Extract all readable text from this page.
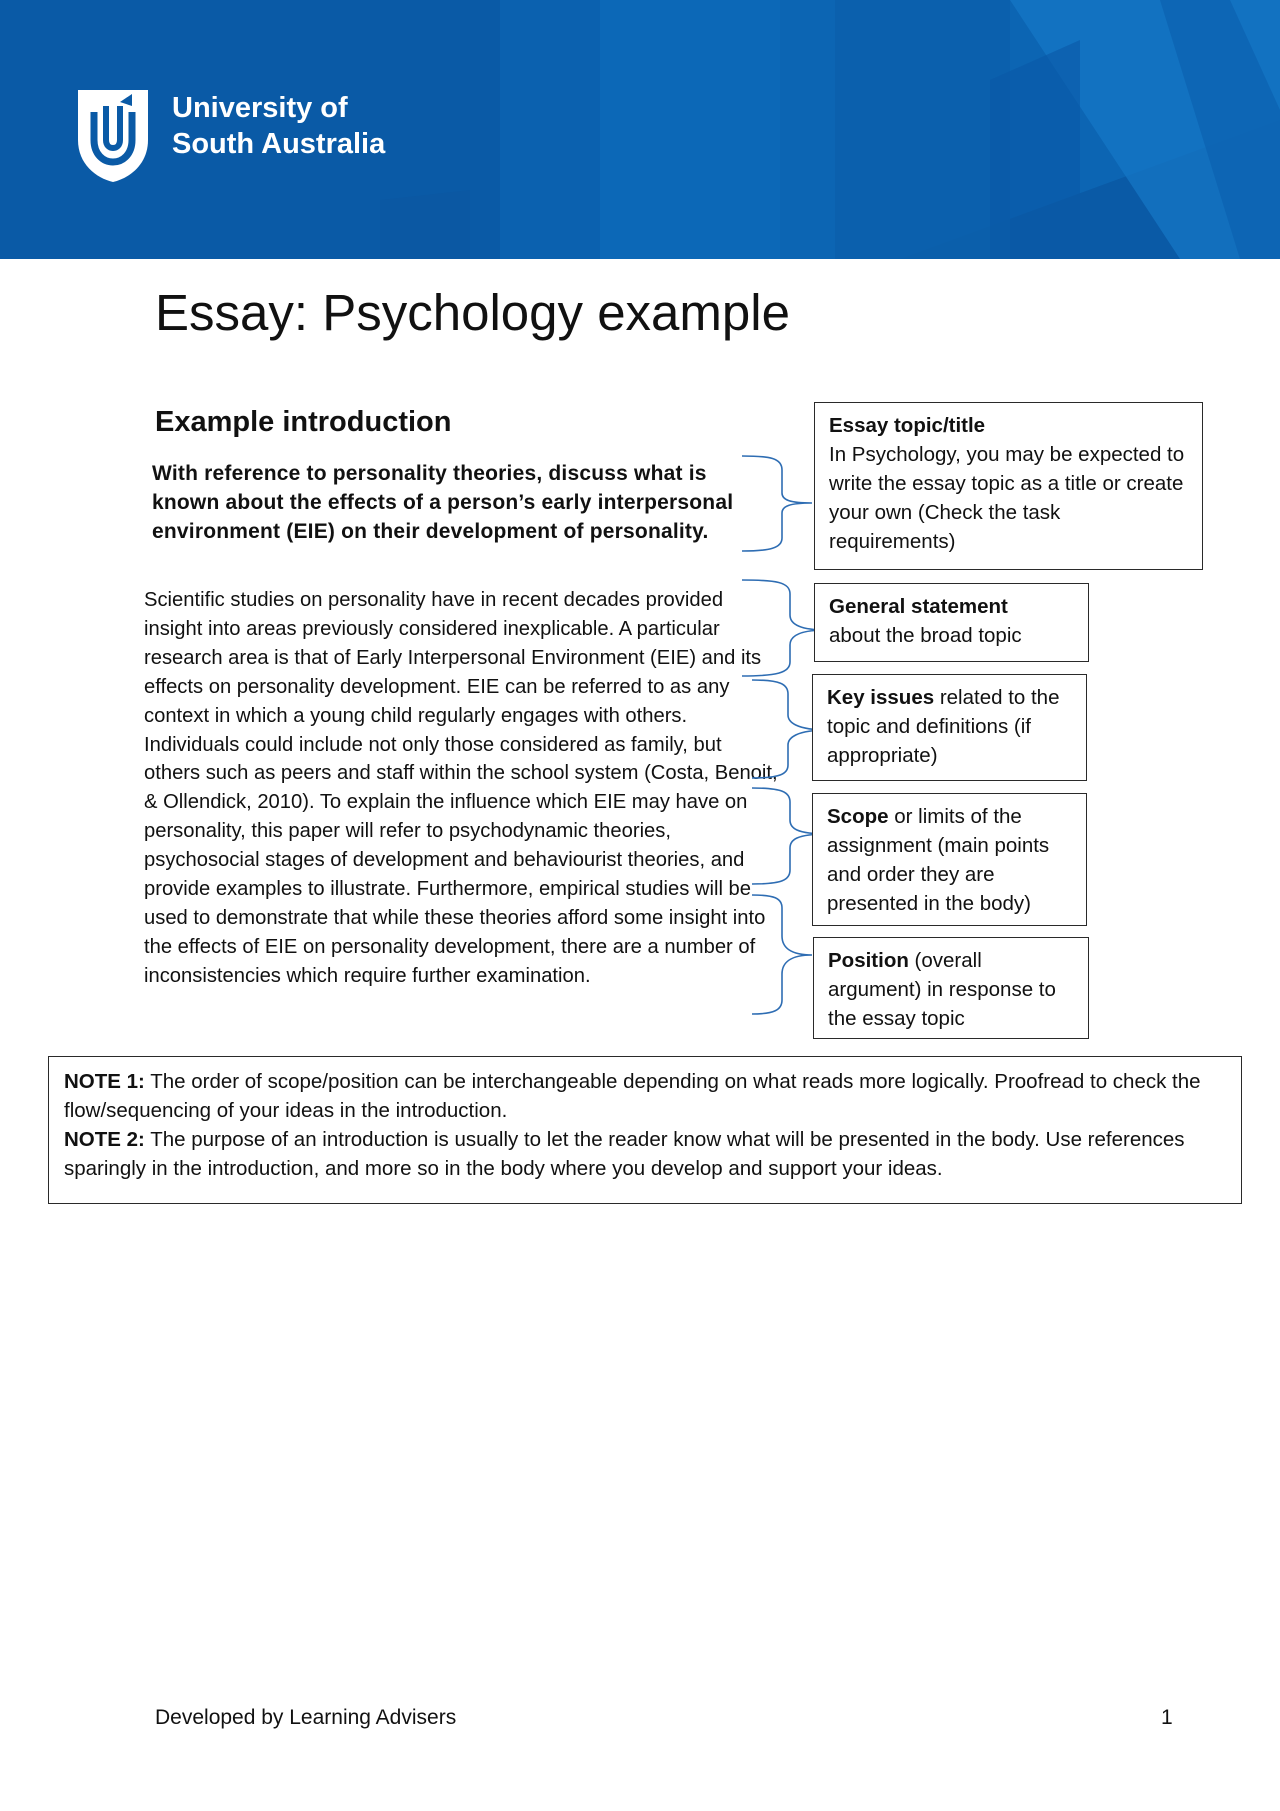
University of
South Australia
Essay: Psychology example
Example introduction
With reference to personality theories, discuss what is known about the effects of a person’s early interpersonal environment (EIE) on their development of personality.
Scientific studies on personality have in recent decades provided insight into areas previously considered inexplicable. A particular research area is that of Early Interpersonal Environment (EIE) and its effects on personality development. EIE can be referred to as any context in which a young child regularly engages with others. Individuals could include not only those considered as family, but others such as peers and staff within the school system (Costa, Benoit, & Ollendick, 2010). To explain the influence which EIE may have on personality, this paper will refer to psychodynamic theories, psychosocial stages of development and behaviourist theories, and provide examples to illustrate. Furthermore, empirical studies will be used to demonstrate that while these theories afford some insight into the effects of EIE on personality development, there are a number of inconsistencies which require further examination.
Essay topic/title
In Psychology, you may be expected to write the essay topic as a title or create your own (Check the task requirements)
General statement
about the broad topic
Key issues related to the topic and definitions (if appropriate)
Scope or limits of the assignment (main points and order they are presented in the body)
Position (overall argument) in response to the essay topic

NOTE 1: The order of scope/position can be interchangeable depending on what reads more logically. Proofread to check the flow/sequencing of your ideas in the introduction.

NOTE 2: The purpose of an introduction is usually to let the reader know what will be presented in the body. Use references sparingly in the introduction, and more so in the body where you develop and support your ideas.

Developed by Learning Advisers	1
